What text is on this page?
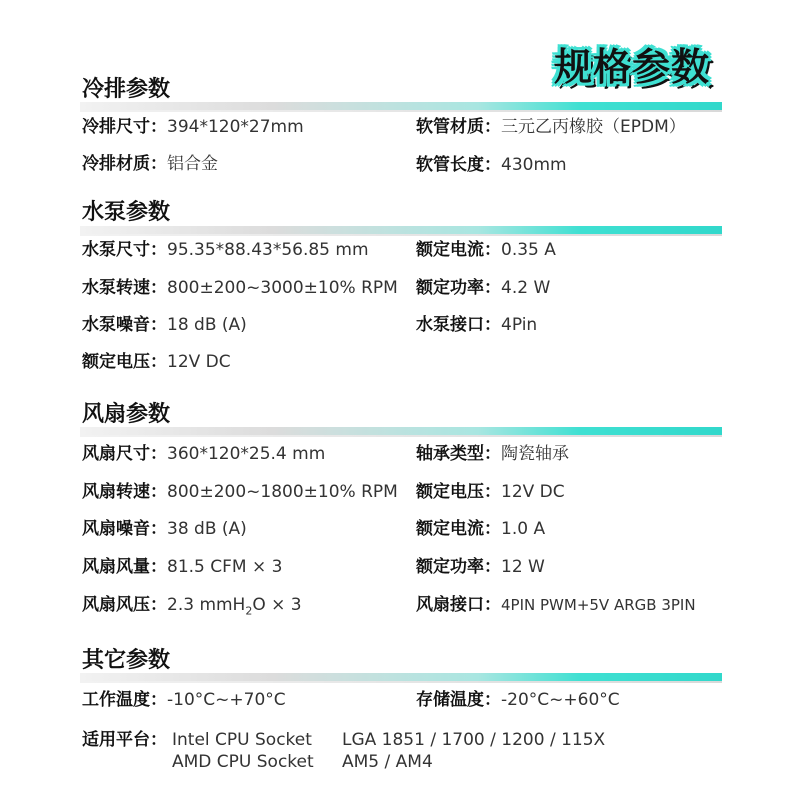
规格参数
冷排参数
冷排尺寸：394*120*27mm	软管材质：三元乙丙橡胶（EPDM）
冷排材质：铝合金	软管长度：430mm
水泵参数
水泵尺寸：95.35*88.43*56.85 mm	额定电流：0.35 A
水泵转速：800±200~3000±10% RPM 额定功率：4.2 W
水泵噪音：18 dB (A)	水泵接口：4Pin
额定电压：12V DC
风扇参数
风扇尺寸：360*120*25.4 mm	轴承类型：陶瓷轴承
风扇转速：800±200~1800±10% RPM 额定电压：12V DC
风扇噪音：38 dB (A)	额定电流：1.0 A
风扇风量：81.5 CFM × 3	额定功率：12 W
风扇风压：2.3 mmH$_2$O × 3	风扇接口：4PIN PWM+5V ARGB 3PIN
其它参数
工作温度：-10°C~+70°C	存储温度：-20°C~+60°C
适用平台： Intel CPU Socket LGA 1851 / 1700 / 1200 / 115X
AMD CPU Socket AM5 / AM4
